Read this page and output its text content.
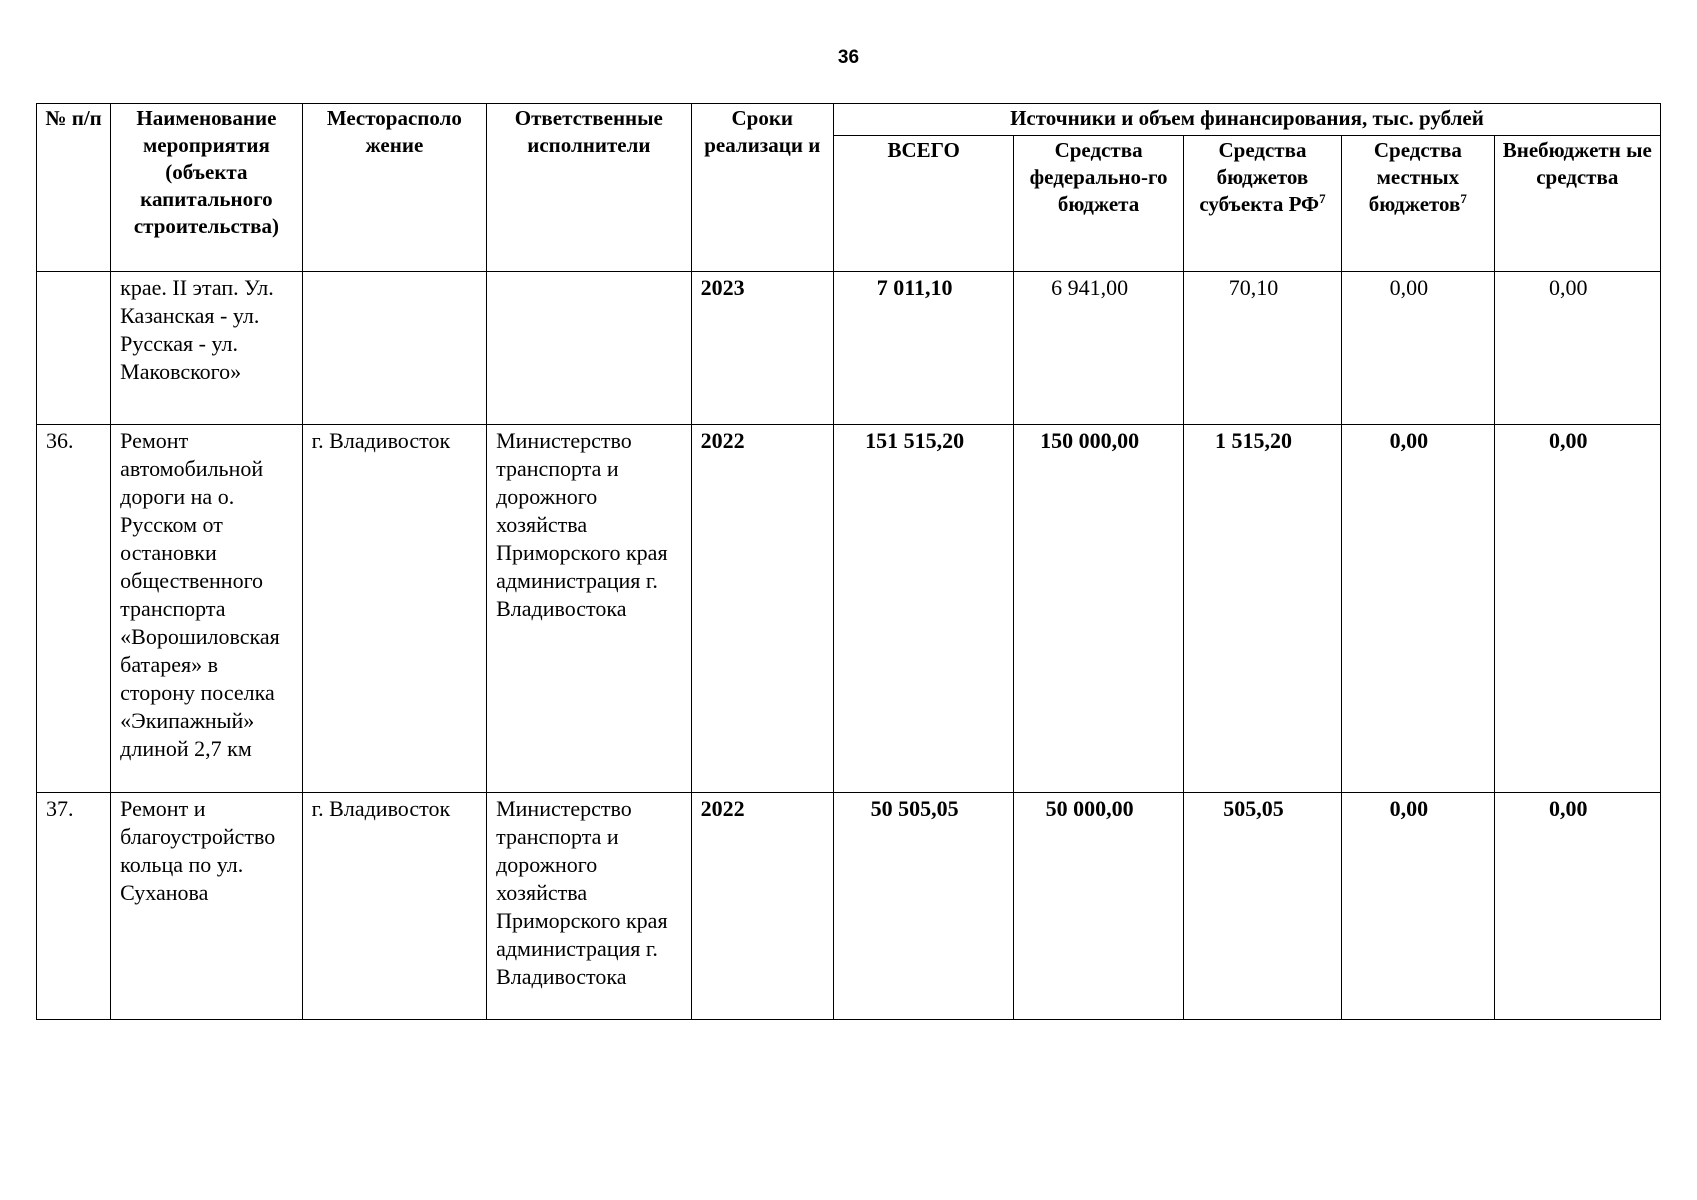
36
№ п/п	Наименование мероприятия (объекта капитального строительства)	Месторасполо жение	Ответственные исполнители	Сроки реализаци и	Источники и объем финансирования, тыс. рублей				
					ВСЕГО	Средства федерально-го бюджета	Средства бюджетов субъекта $РФ^7$	Средства местных бюджетов$^7$	Внебюджетн ые средства
	крае. II этап. Ул. Казанская - ул. Русская - ул. Маковского»			2023	7 011,10	6 941,00	70,10	0,00	0,00
36.	Ремонт автомобильной дороги на о. Русском от остановки общественного транспорта «Ворошиловская батарея» в сторону поселка «Экипажный» длиной 2,7 км	г. Владивосток	Министерство транспорта и дорожного хозяйства Приморского края администрация г. Владивостока	2022	151 515,20	150 000,00	1 515,20	0,00	0,00
37.	Ремонт и благоустройство кольца по ул. Суханова	г. Владивосток	Министерство транспорта и дорожного хозяйства Приморского края администрация г. Владивостока	2022	50 505,05	50 000,00	505,05	0,00	0,00
